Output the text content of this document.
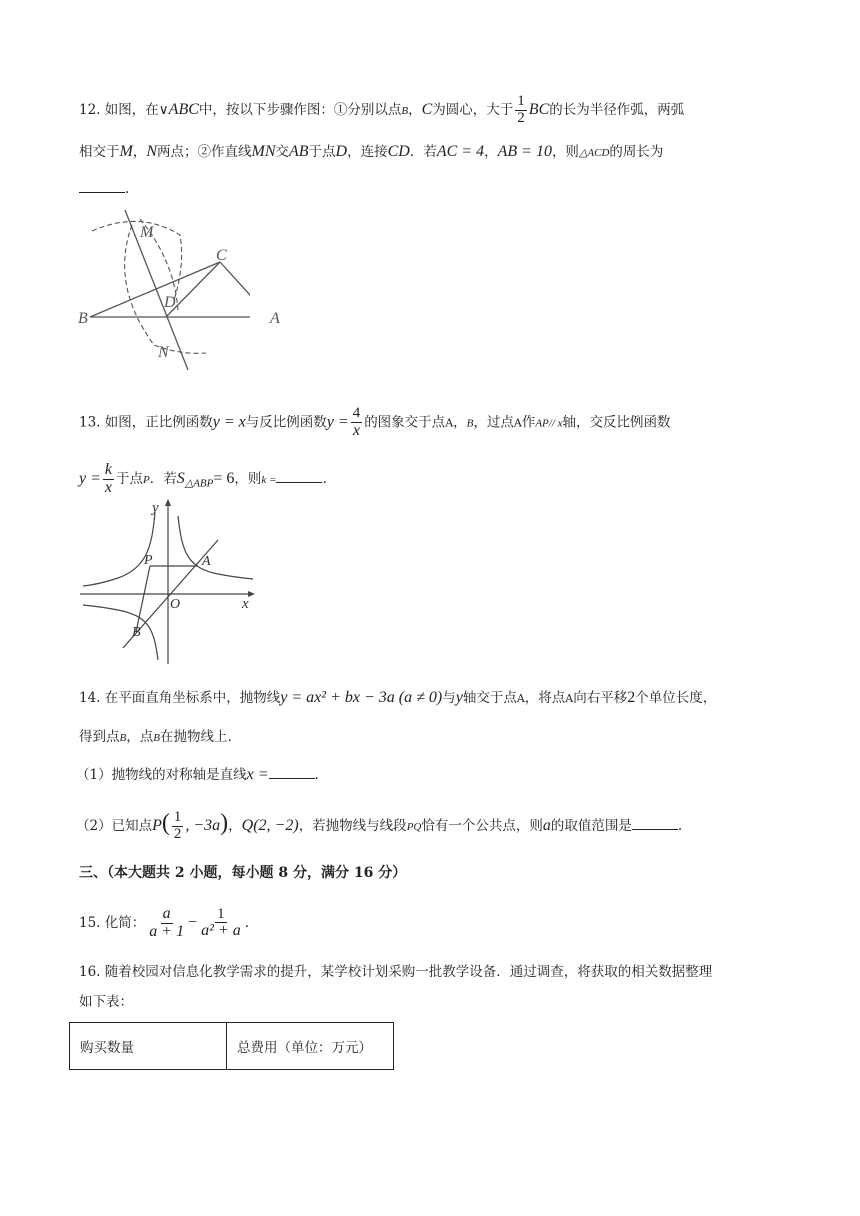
12. 如图，在∨ABC中，按以下步骤作图：①分别以点B，C为圆心，大于 $\frac{1}{2}$ BC的长为半径作弧，两弧
相交于M，N两点；②作直线MN交AB于点D，连接CD．若AC = 4，AB = 10，则△ACD的周长为
.
M
C
D
B
N
A
13. 如图，正比例函数y = x与反比例函数$y = \frac{4}{x}$ 的图象交于点A，B，过点A作AP// x轴，交反比例函数
$y = \frac{k}{x}$ 于点P．若$S_{\triangle ABP}= 6$，则k =	.
y
x
O
P	A
B
14. 在平面直角坐标系中，抛物线y = ax² + bx − 3a (a ≠ 0)与y轴交于点A，将点A向右平移2个单位长度，
得到点B，点B在抛物线上.
（1）抛物线的对称轴是直线x =	.
（2）已知点$P( \frac{1}{2}$ , −3a)，Q(2, −2)，若抛物线与线段PQ恰有一个公共点，则a的取值范围是	.
三、（本大题共 2 小题，每小题 8 分，满分 16 分）
15. 化简： $\frac{a}{a + 1} - \frac{1}{\text{a² + a}}$ .
16. 随着校园对信息化教学需求的提升，某学校计划采购一批教学设备．通过调查，将获取的相关数据整理
如下表：
购买数量	总费用（单位：万元）
